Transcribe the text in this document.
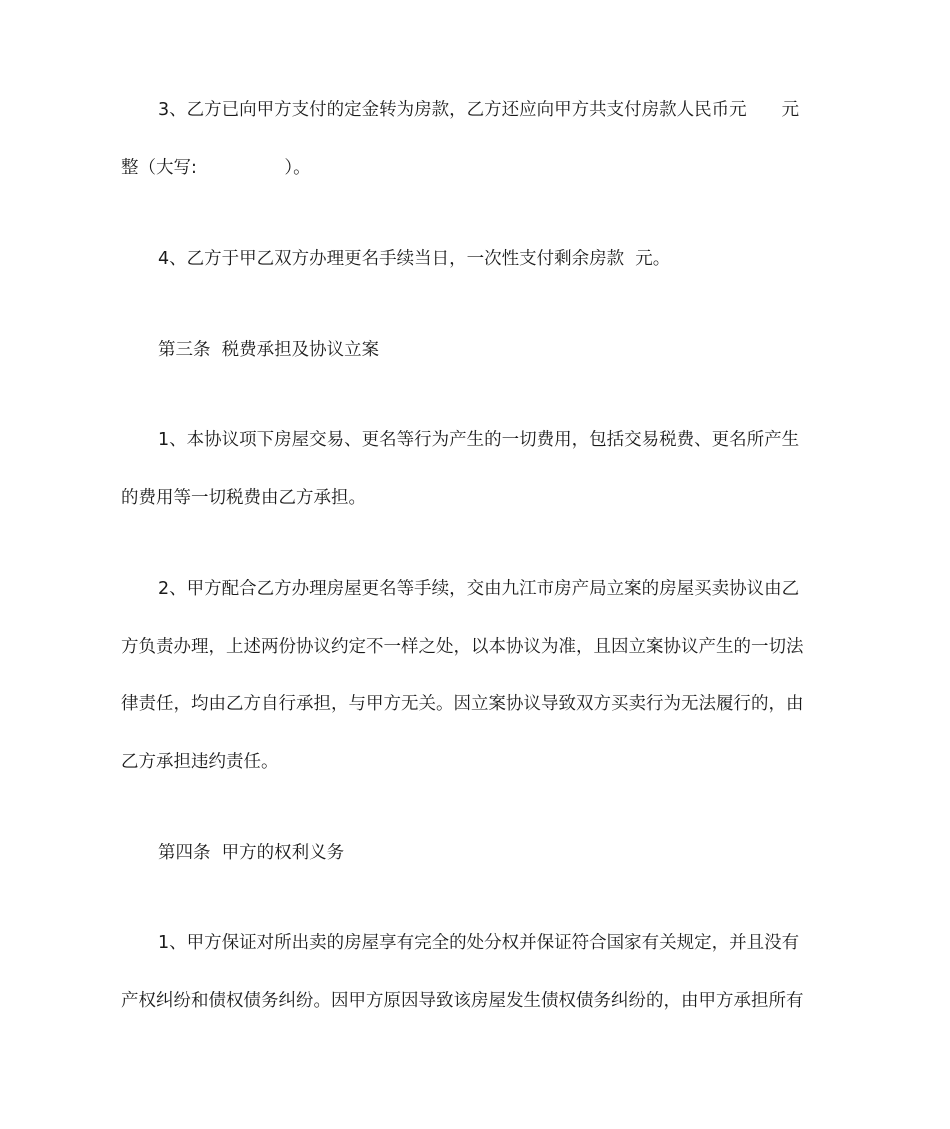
3、乙方已向甲方支付的定金转为房款，乙方还应向甲方共支付房款人民币元　　元

整（大写:　　　　　）。

4、乙方于甲乙双方办理更名手续当日，一次性支付剩余房款  元。

第三条  税费承担及协议立案

1、本协议项下房屋交易、更名等行为产生的一切费用，包括交易税费、更名所产生

的费用等一切税费由乙方承担。

2、甲方配合乙方办理房屋更名等手续，交由九江市房产局立案的房屋买卖协议由乙

方负责办理，上述两份协议约定不一样之处，以本协议为准，且因立案协议产生的一切法

律责任，均由乙方自行承担，与甲方无关。因立案协议导致双方买卖行为无法履行的，由

乙方承担违约责任。

第四条  甲方的权利义务

1、甲方保证对所出卖的房屋享有完全的处分权并保证符合国家有关规定，并且没有

产权纠纷和债权债务纠纷。因甲方原因导致该房屋发生债权债务纠纷的，由甲方承担所有
